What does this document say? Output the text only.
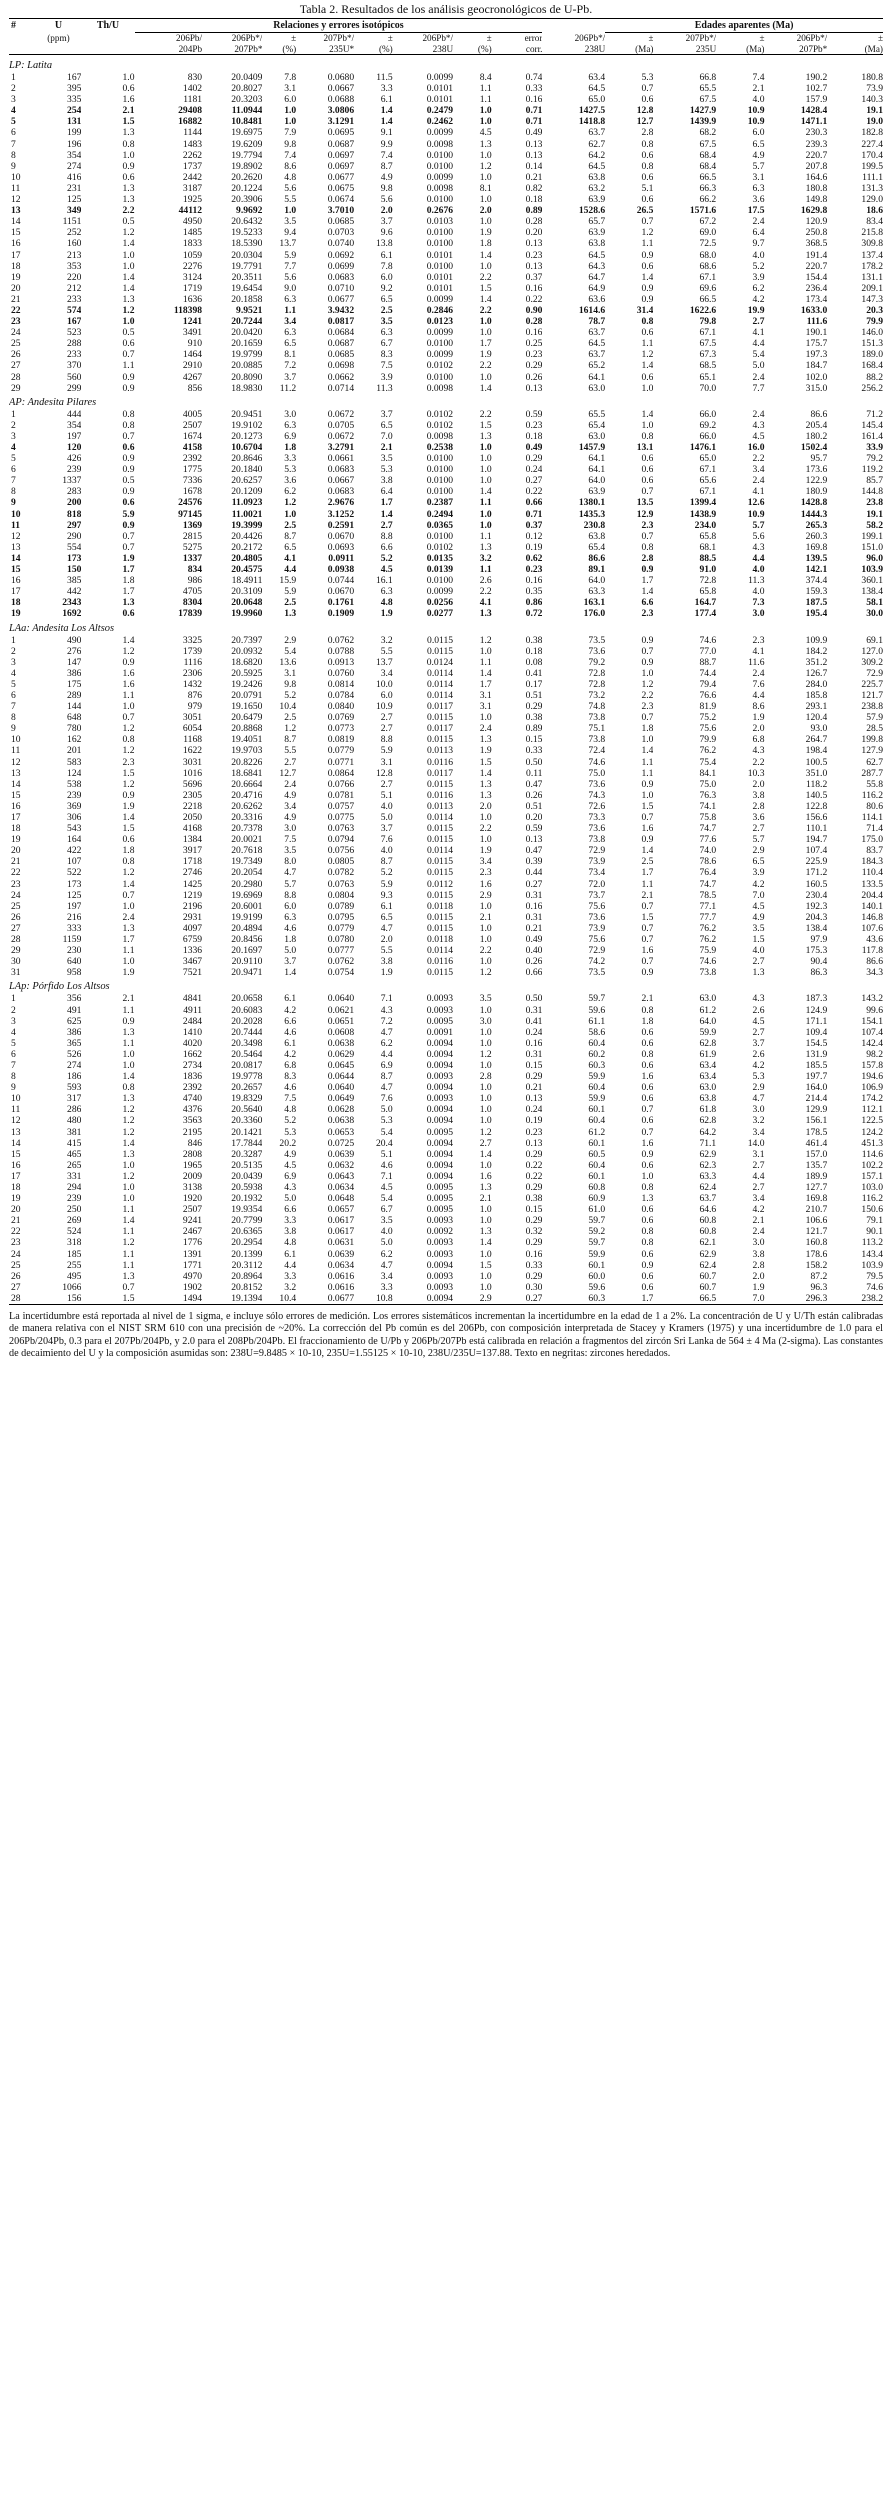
Tabla 2. Resultados de los análisis geocronológicos de U-Pb.
#	U	Th/U	Relaciones y errores isotópicos									Edades aparentes (Ma)				
	(ppm)		206Pb/	206Pb*/	±	207Pb*/	±	206Pb*/	±	error	206Pb*/	±	207Pb*/	±	206Pb*/	±
			204Pb	207Pb*	(%)	235U*	(%)	238U	(%)	corr.	238U	(Ma)	235U	(Ma)	207Pb*	(Ma)
LP: Latita																
1	167	1.0	830	20.0409	7.8	0.0680	11.5	0.0099	8.4	0.74	63.4	5.3	66.8	7.4	190.2	180.8
2	395	0.6	1402	20.8027	3.1	0.0667	3.3	0.0101	1.1	0.33	64.5	0.7	65.5	2.1	102.7	73.9
3	335	1.6	1181	20.3203	6.0	0.0688	6.1	0.0101	1.1	0.16	65.0	0.6	67.5	4.0	157.9	140.3
4	254	2.1	29408	11.0944	1.0	3.0806	1.4	0.2479	1.0	0.71	1427.5	12.8	1427.9	10.9	1428.4	19.1
5	131	1.5	16882	10.8481	1.0	3.1291	1.4	0.2462	1.0	0.71	1418.8	12.7	1439.9	10.9	1471.1	19.0
6	199	1.3	1144	19.6975	7.9	0.0695	9.1	0.0099	4.5	0.49	63.7	2.8	68.2	6.0	230.3	182.8
7	196	0.8	1483	19.6209	9.8	0.0687	9.9	0.0098	1.3	0.13	62.7	0.8	67.5	6.5	239.3	227.4
8	354	1.0	2262	19.7794	7.4	0.0697	7.4	0.0100	1.0	0.13	64.2	0.6	68.4	4.9	220.7	170.4
9	274	0.9	1737	19.8902	8.6	0.0697	8.7	0.0100	1.2	0.14	64.5	0.8	68.4	5.7	207.8	199.5
10	416	0.6	2442	20.2620	4.8	0.0677	4.9	0.0099	1.0	0.21	63.8	0.6	66.5	3.1	164.6	111.1
11	231	1.3	3187	20.1224	5.6	0.0675	9.8	0.0098	8.1	0.82	63.2	5.1	66.3	6.3	180.8	131.3
12	125	1.3	1925	20.3906	5.5	0.0674	5.6	0.0100	1.0	0.18	63.9	0.6	66.2	3.6	149.8	129.0
13	349	2.2	44112	9.9692	1.0	3.7010	2.0	0.2676	2.0	0.89	1528.6	26.5	1571.6	17.5	1629.8	18.6
14	1151	0.5	4950	20.6432	3.5	0.0685	3.7	0.0103	1.0	0.28	65.7	0.7	67.2	2.4	120.9	83.4
15	252	1.2	1485	19.5233	9.4	0.0703	9.6	0.0100	1.9	0.20	63.9	1.2	69.0	6.4	250.8	215.8
16	160	1.4	1833	18.5390	13.7	0.0740	13.8	0.0100	1.8	0.13	63.8	1.1	72.5	9.7	368.5	309.8
17	213	1.0	1059	20.0304	5.9	0.0692	6.1	0.0101	1.4	0.23	64.5	0.9	68.0	4.0	191.4	137.4
18	353	1.0	2276	19.7791	7.7	0.0699	7.8	0.0100	1.0	0.13	64.3	0.6	68.6	5.2	220.7	178.2
19	220	1.4	3124	20.3511	5.6	0.0683	6.0	0.0101	2.2	0.37	64.7	1.4	67.1	3.9	154.4	131.1
20	212	1.4	1719	19.6454	9.0	0.0710	9.2	0.0101	1.5	0.16	64.9	0.9	69.6	6.2	236.4	209.1
21	233	1.3	1636	20.1858	6.3	0.0677	6.5	0.0099	1.4	0.22	63.6	0.9	66.5	4.2	173.4	147.3
22	574	1.2	118398	9.9521	1.1	3.9432	2.5	0.2846	2.2	0.90	1614.6	31.4	1622.6	19.9	1633.0	20.3
23	167	1.0	1241	20.7244	3.4	0.0817	3.5	0.0123	1.0	0.28	78.7	0.8	79.8	2.7	111.6	79.9
24	523	0.5	3491	20.0420	6.3	0.0684	6.3	0.0099	1.0	0.16	63.7	0.6	67.1	4.1	190.1	146.0
25	288	0.6	910	20.1659	6.5	0.0687	6.7	0.0100	1.7	0.25	64.5	1.1	67.5	4.4	175.7	151.3
26	233	0.7	1464	19.9799	8.1	0.0685	8.3	0.0099	1.9	0.23	63.7	1.2	67.3	5.4	197.3	189.0
27	370	1.1	2910	20.0885	7.2	0.0698	7.5	0.0102	2.2	0.29	65.2	1.4	68.5	5.0	184.7	168.4
28	560	0.9	4267	20.8090	3.7	0.0662	3.9	0.0100	1.0	0.26	64.1	0.6	65.1	2.4	102.0	88.2
29	299	0.9	856	18.9830	11.2	0.0714	11.3	0.0098	1.4	0.13	63.0	1.0	70.0	7.7	315.0	256.2
AP: Andesita Pilares																
1	444	0.8	4005	20.9451	3.0	0.0672	3.7	0.0102	2.2	0.59	65.5	1.4	66.0	2.4	86.6	71.2
2	354	0.8	2507	19.9102	6.3	0.0705	6.5	0.0102	1.5	0.23	65.4	1.0	69.2	4.3	205.4	145.4
3	197	0.7	1674	20.1273	6.9	0.0672	7.0	0.0098	1.3	0.18	63.0	0.8	66.0	4.5	180.2	161.4
4	120	0.6	4158	10.6704	1.8	3.2791	2.1	0.2538	1.0	0.49	1457.9	13.1	1476.1	16.0	1502.4	33.9
5	426	0.9	2392	20.8646	3.3	0.0661	3.5	0.0100	1.0	0.29	64.1	0.6	65.0	2.2	95.7	79.2
6	239	0.9	1775	20.1840	5.3	0.0683	5.3	0.0100	1.0	0.24	64.1	0.6	67.1	3.4	173.6	119.2
7	1337	0.5	7336	20.6257	3.6	0.0667	3.8	0.0100	1.0	0.27	64.0	0.6	65.6	2.4	122.9	85.7
8	283	0.9	1678	20.1209	6.2	0.0683	6.4	0.0100	1.4	0.22	63.9	0.7	67.1	4.1	180.9	144.8
9	200	0.6	24576	11.0923	1.2	2.9676	1.7	0.2387	1.1	0.66	1380.1	13.5	1399.4	12.6	1428.8	23.8
10	818	5.9	97145	11.0021	1.0	3.1252	1.4	0.2494	1.0	0.71	1435.3	12.9	1438.9	10.9	1444.3	19.1
11	297	0.9	1369	19.3999	2.5	0.2591	2.7	0.0365	1.0	0.37	230.8	2.3	234.0	5.7	265.3	58.2
12	290	0.7	2815	20.4426	8.7	0.0670	8.8	0.0100	1.1	0.12	63.8	0.7	65.8	5.6	260.3	199.1
13	554	0.7	5275	20.2172	6.5	0.0693	6.6	0.0102	1.3	0.19	65.4	0.8	68.1	4.3	169.8	151.0
14	173	1.9	1337	20.4805	4.1	0.0911	5.2	0.0135	3.2	0.62	86.6	2.8	88.5	4.4	139.5	96.0
15	150	1.7	834	20.4575	4.4	0.0938	4.5	0.0139	1.1	0.23	89.1	0.9	91.0	4.0	142.1	103.9
16	385	1.8	986	18.4911	15.9	0.0744	16.1	0.0100	2.6	0.16	64.0	1.7	72.8	11.3	374.4	360.1
17	442	1.7	4705	20.3109	5.9	0.0670	6.3	0.0099	2.2	0.35	63.3	1.4	65.8	4.0	159.3	138.4
18	2343	1.3	8304	20.0648	2.5	0.1761	4.8	0.0256	4.1	0.86	163.1	6.6	164.7	7.3	187.5	58.1
19	1692	0.6	17839	19.9960	1.3	0.1909	1.9	0.0277	1.3	0.72	176.0	2.3	177.4	3.0	195.4	30.0
LAa: Andesita Los Altsos																
1	490	1.4	3325	20.7397	2.9	0.0762	3.2	0.0115	1.2	0.38	73.5	0.9	74.6	2.3	109.9	69.1
2	276	1.2	1739	20.0932	5.4	0.0788	5.5	0.0115	1.0	0.18	73.6	0.7	77.0	4.1	184.2	127.0
3	147	0.9	1116	18.6820	13.6	0.0913	13.7	0.0124	1.1	0.08	79.2	0.9	88.7	11.6	351.2	309.2
4	386	1.6	2306	20.5925	3.1	0.0760	3.4	0.0114	1.4	0.41	72.8	1.0	74.4	2.4	126.7	72.9
5	175	1.6	1432	19.2426	9.8	0.0814	10.0	0.0114	1.7	0.17	72.8	1.2	79.4	7.6	284.0	225.7
6	289	1.1	876	20.0791	5.2	0.0784	6.0	0.0114	3.1	0.51	73.2	2.2	76.6	4.4	185.8	121.7
7	144	1.0	979	19.1650	10.4	0.0840	10.9	0.0117	3.1	0.29	74.8	2.3	81.9	8.6	293.1	238.8
8	648	0.7	3051	20.6479	2.5	0.0769	2.7	0.0115	1.0	0.38	73.8	0.7	75.2	1.9	120.4	57.9
9	780	1.2	6054	20.8868	1.2	0.0773	2.7	0.0117	2.4	0.89	75.1	1.8	75.6	2.0	93.0	28.5
10	162	0.8	1168	19.4051	8.7	0.0819	8.8	0.0115	1.3	0.15	73.8	1.0	79.9	6.8	264.7	199.8
11	201	1.2	1622	19.9703	5.5	0.0779	5.9	0.0113	1.9	0.33	72.4	1.4	76.2	4.3	198.4	127.9
12	583	2.3	3031	20.8226	2.7	0.0771	3.1	0.0116	1.5	0.50	74.6	1.1	75.4	2.2	100.5	62.7
13	124	1.5	1016	18.6841	12.7	0.0864	12.8	0.0117	1.4	0.11	75.0	1.1	84.1	10.3	351.0	287.7
14	538	1.2	5696	20.6664	2.4	0.0766	2.7	0.0115	1.3	0.47	73.6	0.9	75.0	2.0	118.2	55.8
15	239	0.9	2305	20.4716	4.9	0.0781	5.1	0.0116	1.3	0.26	74.3	1.0	76.3	3.8	140.5	116.2
16	369	1.9	2218	20.6262	3.4	0.0757	4.0	0.0113	2.0	0.51	72.6	1.5	74.1	2.8	122.8	80.6
17	306	1.4	2050	20.3316	4.9	0.0775	5.0	0.0114	1.0	0.20	73.3	0.7	75.8	3.6	156.6	114.1
18	543	1.5	4168	20.7378	3.0	0.0763	3.7	0.0115	2.2	0.59	73.6	1.6	74.7	2.7	110.1	71.4
19	164	0.6	1384	20.0021	7.5	0.0794	7.6	0.0115	1.0	0.13	73.8	0.9	77.6	5.7	194.7	175.0
20	422	1.8	3917	20.7618	3.5	0.0756	4.0	0.0114	1.9	0.47	72.9	1.4	74.0	2.9	107.4	83.7
21	107	0.8	1718	19.7349	8.0	0.0805	8.7	0.0115	3.4	0.39	73.9	2.5	78.6	6.5	225.9	184.3
22	522	1.2	2746	20.2054	4.7	0.0782	5.2	0.0115	2.3	0.44	73.4	1.7	76.4	3.9	171.2	110.4
23	173	1.4	1425	20.2980	5.7	0.0763	5.9	0.0112	1.6	0.27	72.0	1.1	74.7	4.2	160.5	133.5
24	125	0.7	1219	19.6969	8.8	0.0804	9.3	0.0115	2.9	0.31	73.7	2.1	78.5	7.0	230.4	204.4
25	197	1.0	2196	20.6001	6.0	0.0789	6.1	0.0118	1.0	0.16	75.6	0.7	77.1	4.5	192.3	140.1
26	216	2.4	2931	19.9199	6.3	0.0795	6.5	0.0115	2.1	0.31	73.6	1.5	77.7	4.9	204.3	146.8
27	333	1.3	4097	20.4894	4.6	0.0779	4.7	0.0115	1.0	0.21	73.9	0.7	76.2	3.5	138.4	107.6
28	1159	1.7	6759	20.8456	1.8	0.0780	2.0	0.0118	1.0	0.49	75.6	0.7	76.2	1.5	97.9	43.6
29	230	1.1	1336	20.1697	5.0	0.0777	5.5	0.0114	2.2	0.40	72.9	1.6	75.9	4.0	175.3	117.8
30	640	1.0	3467	20.9110	3.7	0.0762	3.8	0.0116	1.0	0.26	74.2	0.7	74.6	2.7	90.4	86.6
31	958	1.9	7521	20.9471	1.4	0.0754	1.9	0.0115	1.2	0.66	73.5	0.9	73.8	1.3	86.3	34.3
LAp: Pórfido Los Altsos																
1	356	2.1	4841	20.0658	6.1	0.0640	7.1	0.0093	3.5	0.50	59.7	2.1	63.0	4.3	187.3	143.2
2	491	1.1	4911	20.6083	4.2	0.0621	4.3	0.0093	1.0	0.31	59.6	0.8	61.2	2.6	124.9	99.6
3	625	0.9	2484	20.2028	6.6	0.0651	7.2	0.0095	3.0	0.41	61.1	1.8	64.0	4.5	171.1	154.1
4	386	1.3	1410	20.7444	4.6	0.0608	4.7	0.0091	1.0	0.24	58.6	0.6	59.9	2.7	109.4	107.4
5	365	1.1	4020	20.3498	6.1	0.0638	6.2	0.0094	1.0	0.16	60.4	0.6	62.8	3.7	154.5	142.4
6	526	1.0	1662	20.5464	4.2	0.0629	4.4	0.0094	1.2	0.31	60.2	0.8	61.9	2.6	131.9	98.2
7	274	1.0	2734	20.0817	6.8	0.0645	6.9	0.0094	1.0	0.15	60.3	0.6	63.4	4.2	185.5	157.8
8	186	1.4	1836	19.9778	8.3	0.0644	8.7	0.0093	2.8	0.29	59.9	1.6	63.4	5.3	197.7	194.6
9	593	0.8	2392	20.2657	4.6	0.0640	4.7	0.0094	1.0	0.21	60.4	0.6	63.0	2.9	164.0	106.9
10	317	1.3	4740	19.8329	7.5	0.0649	7.6	0.0093	1.0	0.13	59.9	0.6	63.8	4.7	214.4	174.2
11	286	1.2	4376	20.5640	4.8	0.0628	5.0	0.0094	1.0	0.24	60.1	0.7	61.8	3.0	129.9	112.1
12	480	1.2	3563	20.3360	5.2	0.0638	5.3	0.0094	1.0	0.19	60.4	0.6	62.8	3.2	156.1	122.5
13	381	1.2	2195	20.1421	5.3	0.0653	5.4	0.0095	1.2	0.23	61.2	0.7	64.2	3.4	178.5	124.2
14	415	1.4	846	17.7844	20.2	0.0725	20.4	0.0094	2.7	0.13	60.1	1.6	71.1	14.0	461.4	451.3
15	465	1.3	2808	20.3287	4.9	0.0639	5.1	0.0094	1.4	0.29	60.5	0.9	62.9	3.1	157.0	114.6
16	265	1.0	1965	20.5135	4.5	0.0632	4.6	0.0094	1.0	0.22	60.4	0.6	62.3	2.7	135.7	102.2
17	331	1.2	2009	20.0439	6.9	0.0643	7.1	0.0094	1.6	0.22	60.1	1.0	63.3	4.4	189.9	157.1
18	294	1.0	3138	20.5938	4.3	0.0634	4.5	0.0095	1.3	0.29	60.8	0.8	62.4	2.7	127.7	103.0
19	239	1.0	1920	20.1932	5.0	0.0648	5.4	0.0095	2.1	0.38	60.9	1.3	63.7	3.4	169.8	116.2
20	250	1.1	2507	19.9354	6.6	0.0657	6.7	0.0095	1.0	0.15	61.0	0.6	64.6	4.2	210.7	150.6
21	269	1.4	9241	20.7799	3.3	0.0617	3.5	0.0093	1.0	0.29	59.7	0.6	60.8	2.1	106.6	79.1
22	524	1.1	2467	20.6365	3.8	0.0617	4.0	0.0092	1.3	0.32	59.2	0.8	60.8	2.4	121.7	90.1
23	318	1.2	1776	20.2954	4.8	0.0631	5.0	0.0093	1.4	0.29	59.7	0.8	62.1	3.0	160.8	113.2
24	185	1.1	1391	20.1399	6.1	0.0639	6.2	0.0093	1.0	0.16	59.9	0.6	62.9	3.8	178.6	143.4
25	255	1.1	1771	20.3112	4.4	0.0634	4.7	0.0094	1.5	0.33	60.1	0.9	62.4	2.8	158.2	103.9
26	495	1.3	4970	20.8964	3.3	0.0616	3.4	0.0093	1.0	0.29	60.0	0.6	60.7	2.0	87.2	79.5
27	1066	0.7	1902	20.8152	3.2	0.0616	3.3	0.0093	1.0	0.30	59.6	0.6	60.7	1.9	96.3	74.6
28	156	1.5	1494	19.1394	10.4	0.0677	10.8	0.0094	2.9	0.27	60.3	1.7	66.5	7.0	296.3	238.2

La incertidumbre está reportada al nivel de 1 sigma, e incluye sólo errores de medición. Los errores sistemáticos incrementan la incertidumbre en la edad de 1 a 2%. La concentración de U y U/Th están calibradas de manera relativa con el NIST SRM 610 con una precisión de ~20%. La corrección del Pb común es del 206Pb, con composición interpretada de Stacey y Kramers (1975) y una incertidumbre de 1.0 para el 206Pb/204Pb, 0.3 para el 207Pb/204Pb, y 2.0 para el 208Pb/204Pb. El fraccionamiento de U/Pb y 206Pb/207Pb está calibrada en relación a fragmentos del zircón Sri Lanka de 564 ± 4 Ma (2-sigma). Las constantes de decaimiento del U y la composición asumidas son: 238U=9.8485 × 10-10, 235U=1.55125 × 10-10, 238U/235U=137.88. Texto en negritas: zircones heredados.
